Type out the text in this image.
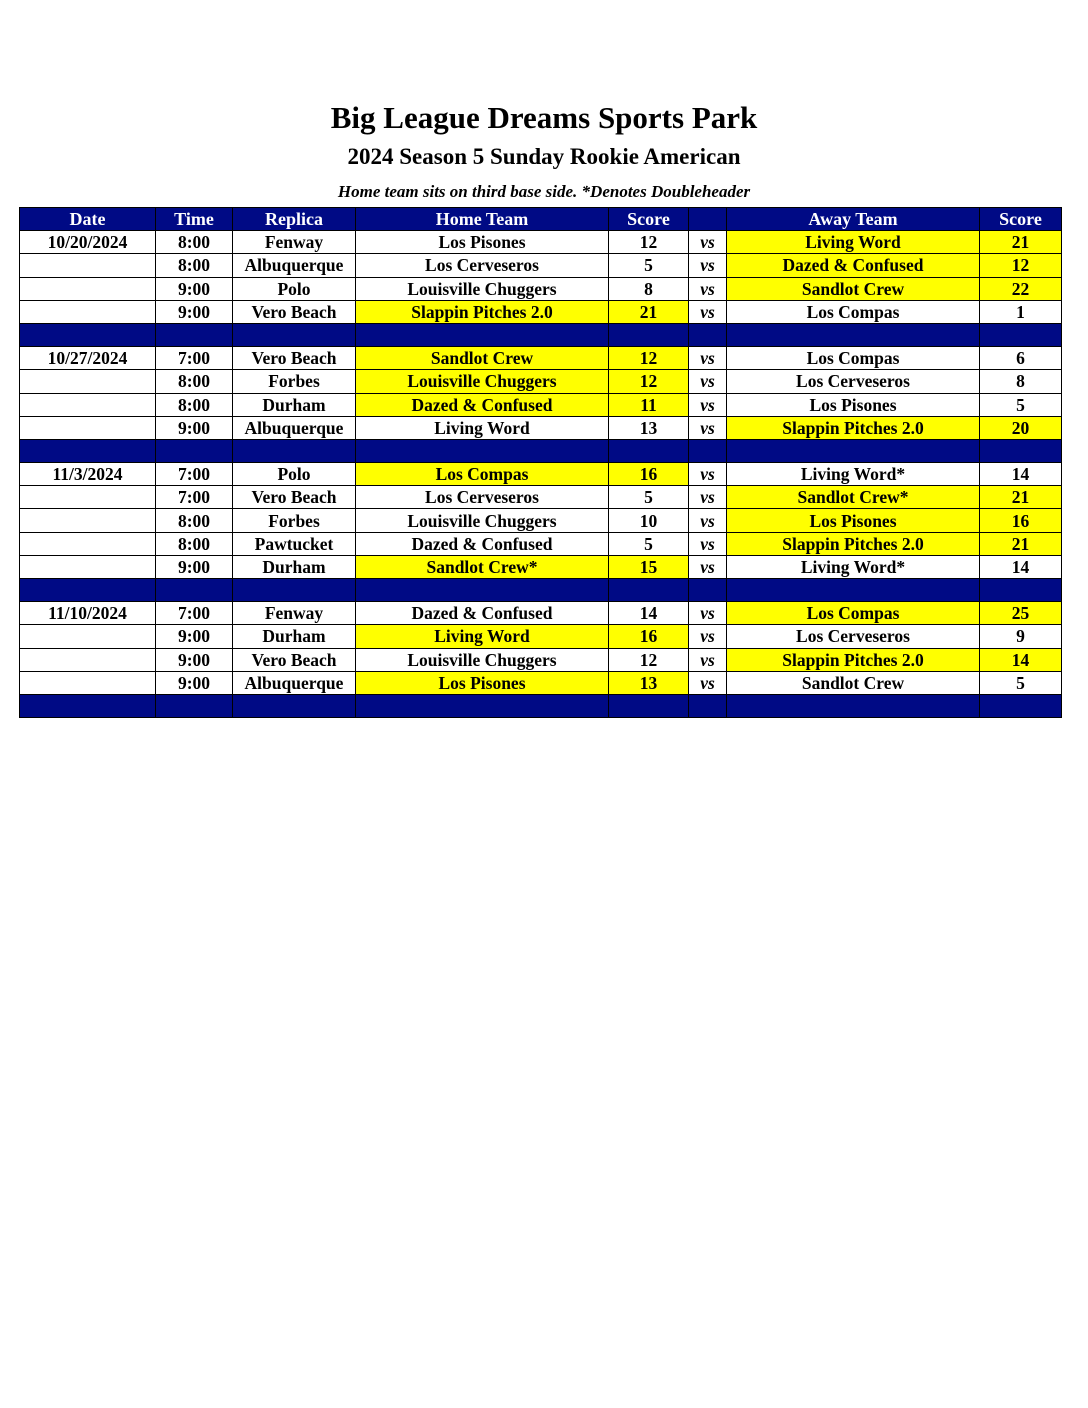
Big League Dreams Sports Park
2024 Season 5 Sunday Rookie American
Home team sits on third base side. *Denotes Doubleheader
Date	Time	Replica	Home Team	Score		Away Team	Score
10/20/2024	8:00	Fenway	Los Pisones	12	vs	Living Word	21
	8:00	Albuquerque	Los Cerveseros	5	vs	Dazed & Confused	12
	9:00	Polo	Louisville Chuggers	8	vs	Sandlot Crew	22
	9:00	Vero Beach	Slappin Pitches 2.0	21	vs	Los Compas	1

10/27/2024	7:00	Vero Beach	Sandlot Crew	12	vs	Los Compas	6
	8:00	Forbes	Louisville Chuggers	12	vs	Los Cerveseros	8
	8:00	Durham	Dazed & Confused	11	vs	Los Pisones	5
	9:00	Albuquerque	Living Word	13	vs	Slappin Pitches 2.0	20

11/3/2024	7:00	Polo	Los Compas	16	vs	Living Word*	14
	7:00	Vero Beach	Los Cerveseros	5	vs	Sandlot Crew*	21
	8:00	Forbes	Louisville Chuggers	10	vs	Los Pisones	16
	8:00	Pawtucket	Dazed & Confused	5	vs	Slappin Pitches 2.0	21
	9:00	Durham	Sandlot Crew*	15	vs	Living Word*	14

11/10/2024	7:00	Fenway	Dazed & Confused	14	vs	Los Compas	25
	9:00	Durham	Living Word	16	vs	Los Cerveseros	9
	9:00	Vero Beach	Louisville Chuggers	12	vs	Slappin Pitches 2.0	14
	9:00	Albuquerque	Los Pisones	13	vs	Sandlot Crew	5
